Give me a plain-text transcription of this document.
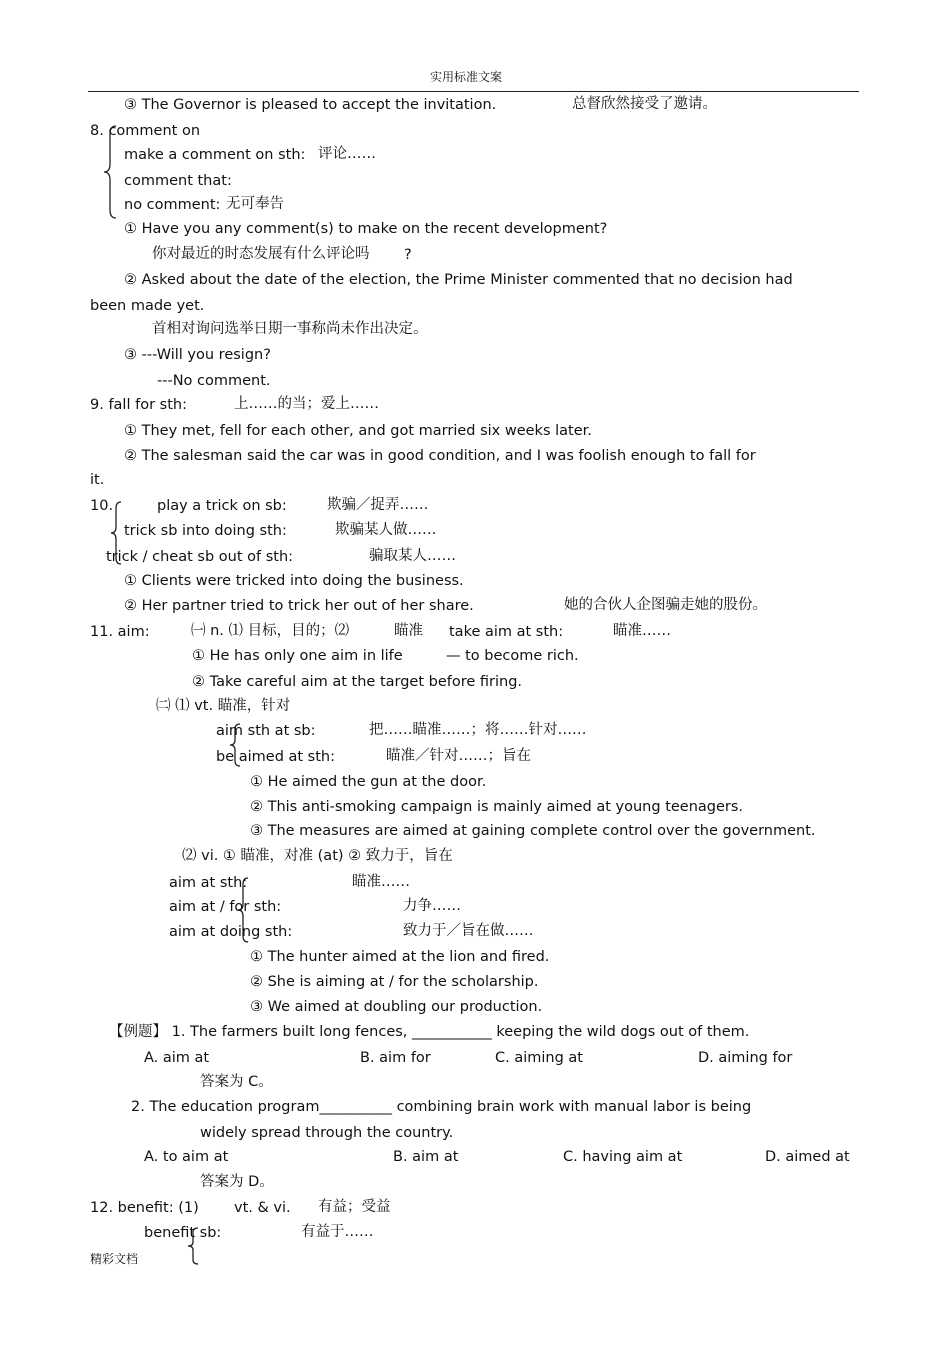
实用标准文案
③ The Governor is pleased to accept the invitation.	总督欣然接受了邀请。
8. comment on
make a comment on sth: 评论……
comment that:
no comment: 无可奉告
① Have you any comment(s) to make on the recent development?
你对最近的时态发展有什么评论吗 ?
② Asked about the date of the election, the Prime Minister commented that no decision had
been made yet.
首相对询问选举日期一事称尚未作出决定。
③ ---Will you resign?
---No comment.
9. fall for sth:	上……的当；爱上……
① They met, fell for each other, and got married six weeks later.
② The salesman said the car was in good condition, and I was foolish enough to fall for
it.
10.	play a trick on sb:	欺骗／捉弄……
trick sb into doing sth:	欺骗某人做……
trick / cheat sb out of sth:	骗取某人……
① Clients were tricked into doing the business.
② Her partner tried to trick her out of her share.	她的合伙人企图骗走她的股份。
11. aim:	㈠ n. ⑴ 目标，目的；⑵	瞄准 take aim at sth:	瞄准……
① He has only one aim in life	— to become rich.
② Take careful aim at the target before firing.
㈡ ⑴ vt. 瞄准，针对
aim sth at sb:	把……瞄准……；将……针对……
be aimed at sth:	瞄准／针对……；旨在
① He aimed the gun at the door.
② This anti-smoking campaign is mainly aimed at young teenagers.
③ The measures are aimed at gaining complete control over the government.
⑵ vi. ① 瞄准，对准 (at) ② 致力于，旨在
aim at sth:	瞄准……
aim at / for sth:	力争……
aim at doing sth:	致力于／旨在做……
① The hunter aimed at the lion and fired.
② She is aiming at / for the scholarship.
③ We aimed at doubling our production.
【例题】 1. The farmers built long fences, ___________ keeping the wild dogs out of them.
A. aim at	B. aim for	C. aiming at	D. aiming for
答案为 C。
2. The education program__________ combining brain work with manual labor is being
widely spread through the country.
A. to aim at	B. aim at	C. having aim at	D. aimed at
答案为 D。
12. benefit: (1) vt. & vi. 有益；受益
benefit sb:	有益于……
精彩文档
